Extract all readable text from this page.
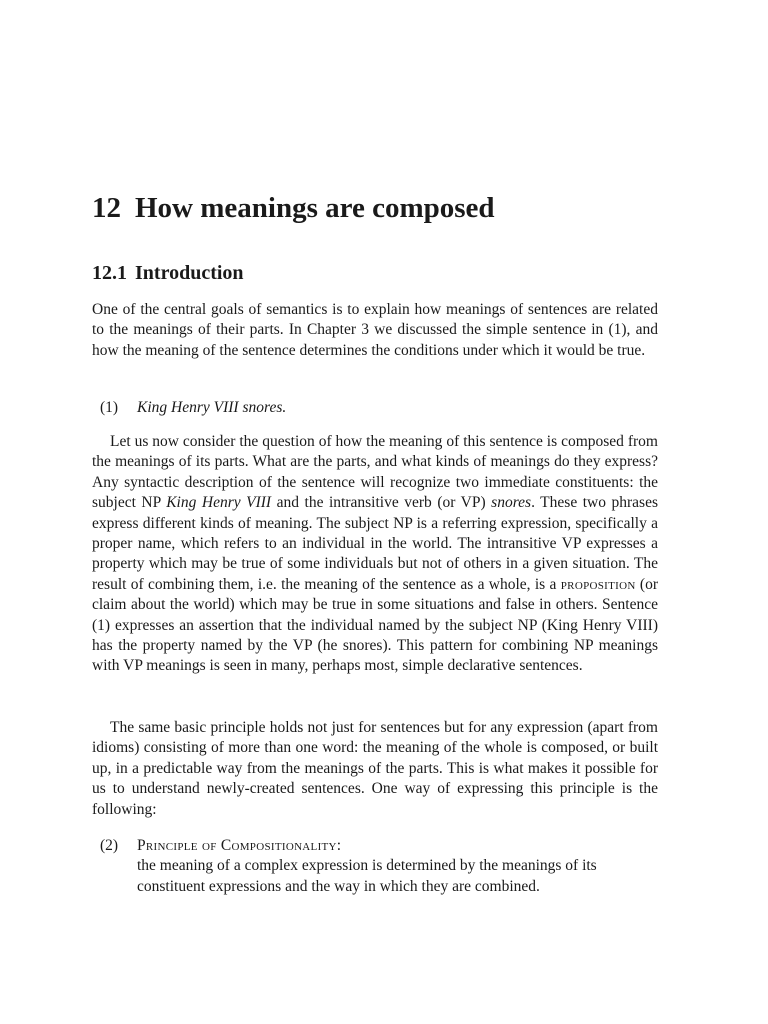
12 How meanings are composed
12.1 Introduction

One of the central goals of semantics is to explain how meanings of sentences are related to the meanings of their parts. In Chapter 3 we discussed the simple sentence in (1), and how the meaning of the sentence determines the conditions under which it would be true.

(1) King Henry VIII snores.

Let us now consider the question of how the meaning of this sentence is composed from the meanings of its parts. What are the parts, and what kinds of meanings do they express? Any syntactic description of the sentence will recognize two immediate constituents: the subject NP King Henry VIII and the intransitive verb (or VP) snores. These two phrases express different kinds of meaning. The subject NP is a referring expression, specifically a proper name, which refers to an individual in the world. The intransitive VP expresses a property which may be true of some individuals but not of others in a given situation. The result of combining them, i.e. the meaning of the sentence as a whole, is a proposition (or claim about the world) which may be true in some situations and false in others. Sentence (1) expresses an assertion that the individual named by the subject NP (King Henry VIII) has the property named by the VP (he snores). This pattern for combining NP meanings with VP meanings is seen in many, perhaps most, simple declarative sentences.

The same basic principle holds not just for sentences but for any expression (apart from idioms) consisting of more than one word: the meaning of the whole is composed, or built up, in a predictable way from the meanings of the parts. This is what makes it possible for us to understand newly-created sentences. One way of expressing this principle is the following:

(2) Principle of Compositionality:
the meaning of a complex expression is determined by the meanings of its constituent expressions and the way in which they are combined.
